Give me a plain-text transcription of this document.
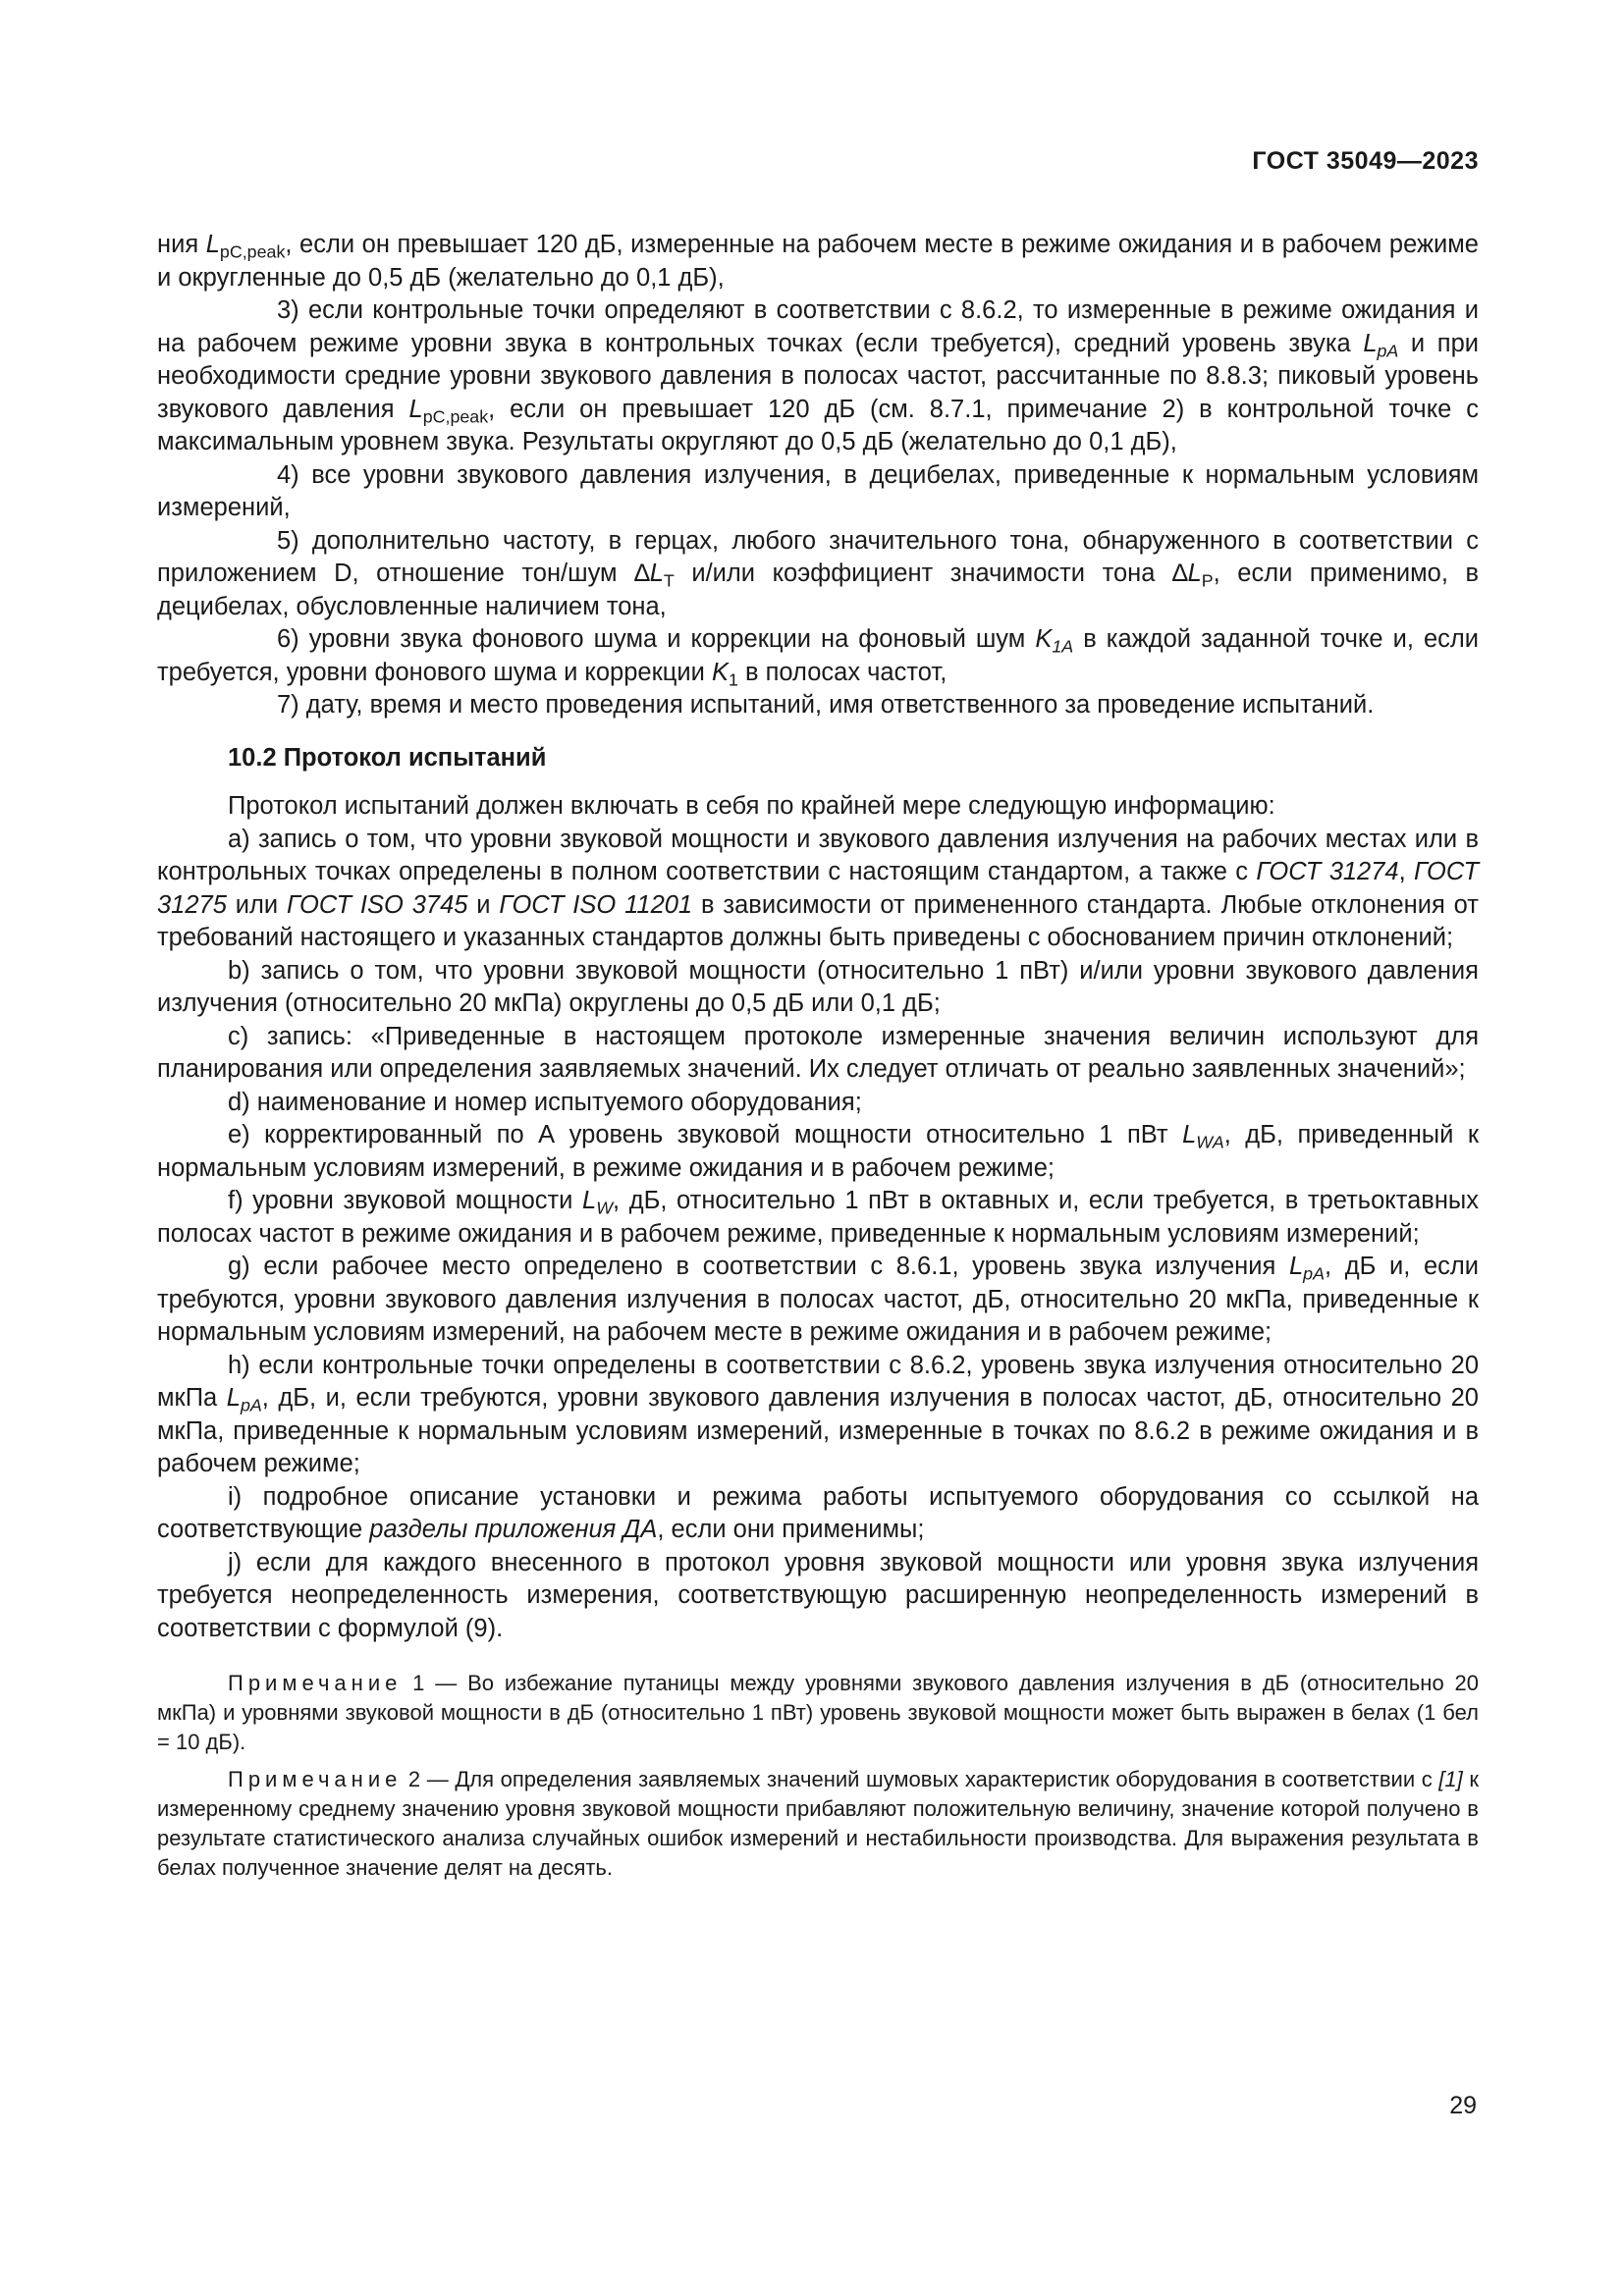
ГОСТ 35049—2023

ния $L_{pC,peak}$, если он превышает 120 дБ, измеренные на рабочем месте в режиме ожидания и в рабочем режиме и округленные до 0,5 дБ (желательно до 0,1 дБ),

3) если контрольные точки определяют в соответствии с 8.6.2, то измеренные в режиме ожидания и на рабочем режиме уровни звука в контрольных точках (если требуется), средний уровень звука $L_{pA}$ и при необходимости средние уровни звукового давления в полосах частот, рассчитанные по 8.8.3; пиковый уровень звукового давления $L_{pC,peak}$, если он превышает 120 дБ (см. 8.7.1, примечание 2) в контрольной точке с максимальным уровнем звука. Результаты округляют до 0,5 дБ (желательно до 0,1 дБ),

4) все уровни звукового давления излучения, в децибелах, приведенные к нормальным условиям измерений,

5) дополнительно частоту, в герцах, любого значительного тона, обнаруженного в соответствии с приложением D, отношение тон/шум $\Delta L_T$ и/или коэффициент значимости тона $\Delta L_P$, если применимо, в децибелах, обусловленные наличием тона,

6) уровни звука фонового шума и коррекции на фоновый шум $K_{1A}$ в каждой заданной точке и, если требуется, уровни фонового шума и коррекции $K_1$ в полосах частот,

7) дату, время и место проведения испытаний, имя ответственного за проведение испытаний.

10.2 Протокол испытаний

Протокол испытаний должен включать в себя по крайней мере следующую информацию:

а) запись о том, что уровни звуковой мощности и звукового давления излучения на рабочих местах или в контрольных точках определены в полном соответствии с настоящим стандартом, а также с ГОСТ 31274, ГОСТ 31275 или ГОСТ ISO 3745 и ГОСТ ISO 11201 в зависимости от примененного стандарта. Любые отклонения от требований настоящего и указанных стандартов должны быть приведены с обоснованием причин отклонений;

b) запись о том, что уровни звуковой мощности (относительно 1 пВт) и/или уровни звукового давления излучения (относительно 20 мкПа) округлены до 0,5 дБ или 0,1 дБ;

с) запись: «Приведенные в настоящем протоколе измеренные значения величин используют для планирования или определения заявляемых значений. Их следует отличать от реально заявленных значений»;

d) наименование и номер испытуемого оборудования;

е) корректированный по А уровень звуковой мощности относительно 1 пВт $L_{WA}$, дБ, приведенный к нормальным условиям измерений, в режиме ожидания и в рабочем режиме;

f) уровни звуковой мощности $L_W$, дБ, относительно 1 пВт в октавных и, если требуется, в третьоктавных полосах частот в режиме ожидания и в рабочем режиме, приведенные к нормальным условиям измерений;

g) если рабочее место определено в соответствии с 8.6.1, уровень звука излучения $L_{pA}$, дБ и, если требуются, уровни звукового давления излучения в полосах частот, дБ, относительно 20 мкПа, приведенные к нормальным условиям измерений, на рабочем месте в режиме ожидания и в рабочем режиме;

h) если контрольные точки определены в соответствии с 8.6.2, уровень звука излучения относительно 20 мкПа $L_{pA}$, дБ, и, если требуются, уровни звукового давления излучения в полосах частот, дБ, относительно 20 мкПа, приведенные к нормальным условиям измерений, измеренные в точках по 8.6.2 в режиме ожидания и в рабочем режиме;

i) подробное описание установки и режима работы испытуемого оборудования со ссылкой на соответствующие разделы приложения ДА, если они применимы;

j) если для каждого внесенного в протокол уровня звуковой мощности или уровня звука излучения требуется неопределенность измерения, соответствующую расширенную неопределенность измерений в соответствии с формулой (9).

Примечание 1 — Во избежание путаницы между уровнями звукового давления излучения в дБ (относительно 20 мкПа) и уровнями звуковой мощности в дБ (относительно 1 пВт) уровень звуковой мощности может быть выражен в белах (1 бел = 10 дБ).

Примечание 2 — Для определения заявляемых значений шумовых характеристик оборудования в соответствии с [1] к измеренному среднему значению уровня звуковой мощности прибавляют положительную величину, значение которой получено в результате статистического анализа случайных ошибок измерений и нестабильности производства. Для выражения результата в белах полученное значение делят на десять.

29
